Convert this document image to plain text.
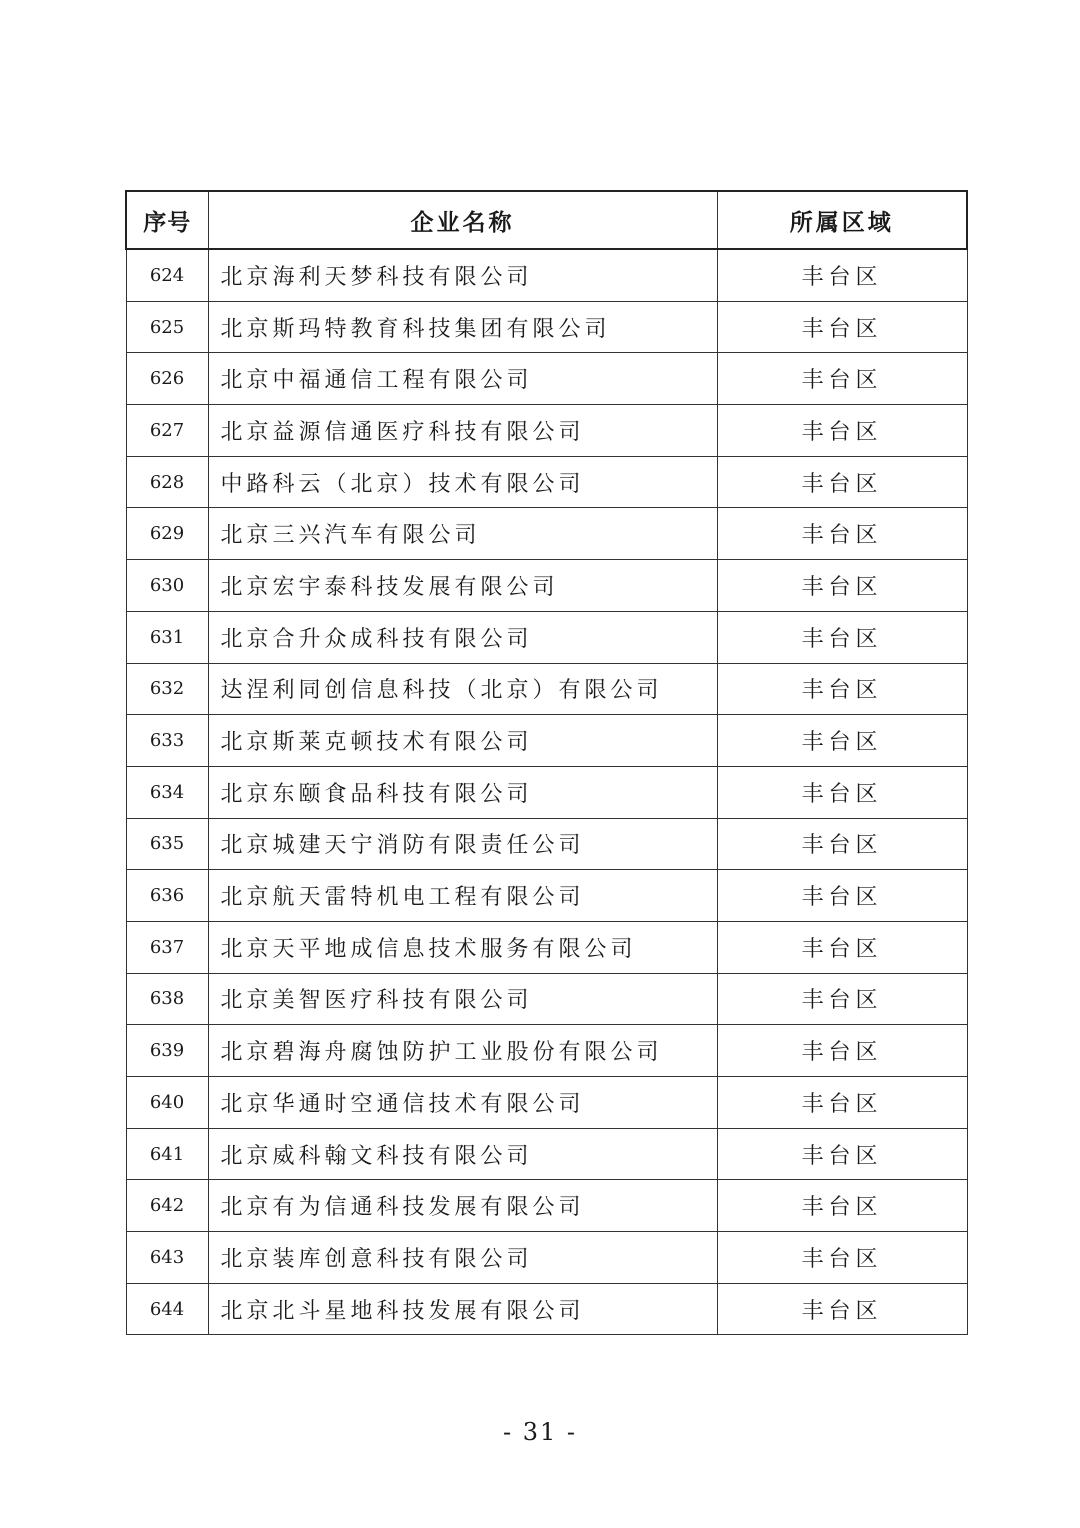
序号	企业名称	所属区域
624	北京海利天梦科技有限公司	丰台区
625	北京斯玛特教育科技集团有限公司	丰台区
626	北京中福通信工程有限公司	丰台区
627	北京益源信通医疗科技有限公司	丰台区
628	中路科云（北京）技术有限公司	丰台区
629	北京三兴汽车有限公司	丰台区
630	北京宏宇泰科技发展有限公司	丰台区
631	北京合升众成科技有限公司	丰台区
632	达涅利同创信息科技（北京）有限公司	丰台区
633	北京斯莱克顿技术有限公司	丰台区
634	北京东颐食品科技有限公司	丰台区
635	北京城建天宁消防有限责任公司	丰台区
636	北京航天雷特机电工程有限公司	丰台区
637	北京天平地成信息技术服务有限公司	丰台区
638	北京美智医疗科技有限公司	丰台区
639	北京碧海舟腐蚀防护工业股份有限公司	丰台区
640	北京华通时空通信技术有限公司	丰台区
641	北京威科翰文科技有限公司	丰台区
642	北京有为信通科技发展有限公司	丰台区
643	北京装库创意科技有限公司	丰台区
644	北京北斗星地科技发展有限公司	丰台区
- 31 -
